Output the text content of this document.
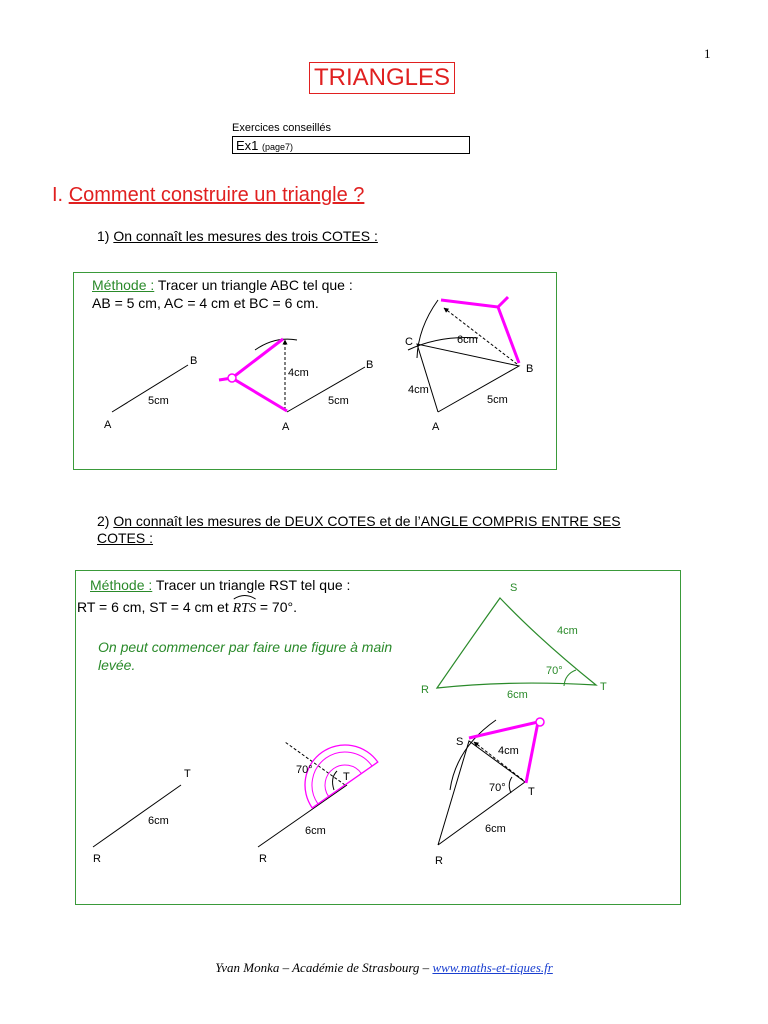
1
TRIANGLES
Exercices conseillés
Ex1 (page7)
I. Comment construire un triangle ?
1) On connaît les mesures des trois COTES :
Méthode : Tracer un triangle ABC tel que :
AB = 5 cm, AC = 4 cm et BC = 6 cm.
2) On connaît les mesures de DEUX COTES et de l’ANGLE COMPRIS ENTRE SES COTES :
Méthode : Tracer un triangle RST tel que :
RT = 6 cm, ST = 4 cm et RTS = 70°.
On peut commencer par faire une figure à main levée.
A
B
5cm
A
B
4cm
5cm
A
B
C
4cm
5cm
6cm
S
R	T
4cm
6cm
70°
R
T
6cm
R
T
6cm
70°
R
S
T
4cm
6cm
70°
Yvan Monka – Académie de Strasbourg – www.maths-et-tiques.fr
